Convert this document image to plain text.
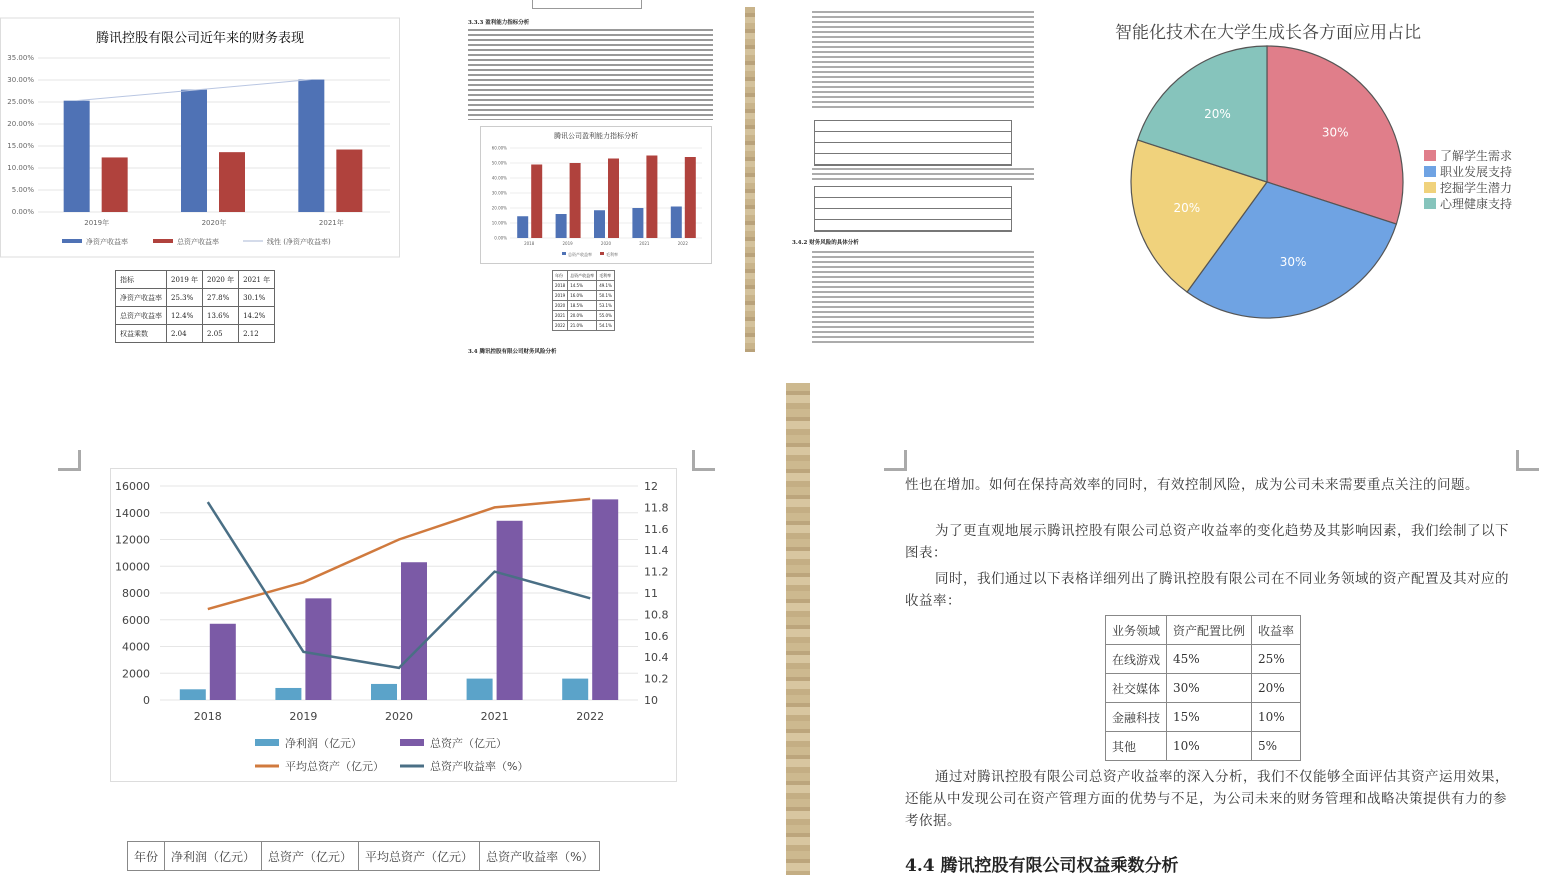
腾讯控股有限公司近年来的财务表现
35.00%
30.00%
25.00%
20.00%
15.00%
10.00%
5.00%
0.00%
2019年	2020年	2021年
净资产收益率	总资产收益率	线性 (净资产收益率)
指标	2019 年	2020 年	2021 年
净资产收益率	25.3%	27.8%	30.1%
总资产收益率	12.4%	13.6%	14.2%
权益乘数	2.04	2.05	2.12
3.3.3 盈利能力指标分析
腾讯公司盈利能力指标分析
60.00%
50.00%
40.00%
30.00%
20.00%
10.00%
0.00%
2018	2019	2020	2021	2022
总资产收益率	毛利率
年份	总资产收益率	毛利率
2018	14.5%	49.1%
2019	16.0%	50.1%
2020	18.5%	53.1%
2021	20.0%	55.0%
2022	21.0%	54.1%
3.4 腾讯控股有限公司财务风险分析
3.4.2 财务风险的具体分析
智能化技术在大学生成长各方面应用占比
30%
30%
20%
20%
了解学生需求
职业发展支持
挖掘学生潜力
心理健康支持
16000
14000
12000
10000
8000
6000
4000
2000
0
12
11.8
11.6
11.4
11.2
11
10.8
10.6
10.4
10.2
10
2018	2019	2020	2021	2022
净利润（亿元）	总资产（亿元）
平均总资产（亿元）	总资产收益率（%）
年份	净利润（亿元）	总资产（亿元）	平均总资产（亿元）	总资产收益率（%）
性也在增加。如何在保持高效率的同时，有效控制风险，成为公司未来需要重点关注的问题。
为了更直观地展示腾讯控股有限公司总资产收益率的变化趋势及其影响因素，我们绘制了以下图表：
同时，我们通过以下表格详细列出了腾讯控股有限公司在不同业务领域的资产配置及其对应的收益率：
业务领域	资产配置比例	收益率
在线游戏	45%	25%
社交媒体	30%	20%
金融科技	15%	10%
其他	10%	5%
通过对腾讯控股有限公司总资产收益率的深入分析，我们不仅能够全面评估其资产运用效果，还能从中发现公司在资产管理方面的优势与不足，为公司未来的财务管理和战略决策提供有力的参考依据。
4.4 腾讯控股有限公司权益乘数分析
